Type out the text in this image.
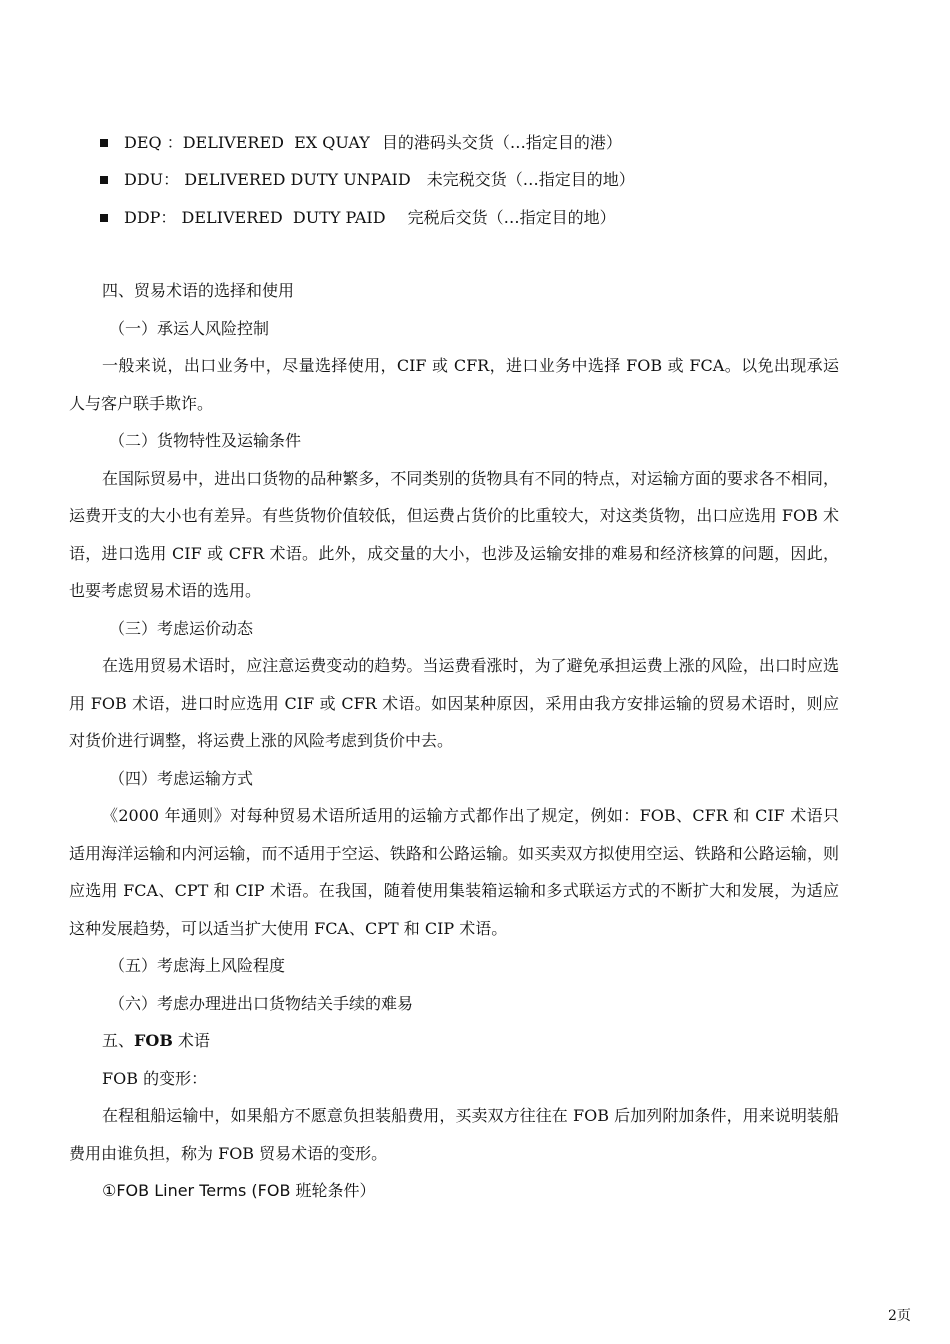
DEQ ：DELIVERED  EX QUAY 目的港码头交货（…指定目的港）
DDU： DELIVERED DUTY UNPAID 未完税交货（…指定目的地）
DDP： DELIVERED  DUTY PAID 完税后交货（…指定目的地）
四、贸易术语的选择和使用
（一）承运人风险控制

一般来说，出口业务中，尽量选择使用，CIF 或 CFR，进口业务中选择 FOB 或 FCA。以免出现承运人与客户联手欺诈。

（二）货物特性及运输条件

在国际贸易中，进出口货物的品种繁多，不同类别的货物具有不同的特点，对运输方面的要求各不相同，运费开支的大小也有差异。有些货物价值较低，但运费占货价的比重较大，对这类货物，出口应选用 FOB 术语，进口选用 CIF 或 CFR 术语。此外，成交量的大小，也涉及运输安排的难易和经济核算的问题，因此，也要考虑贸易术语的选用。

（三）考虑运价动态

在选用贸易术语时，应注意运费变动的趋势。当运费看涨时，为了避免承担运费上涨的风险，出口时应选用 FOB 术语，进口时应选用 CIF 或 CFR 术语。如因某种原因，采用由我方安排运输的贸易术语时，则应对货价进行调整，将运费上涨的风险考虑到货价中去。

（四）考虑运输方式

《2000 年通则》对每种贸易术语所适用的运输方式都作出了规定，例如：FOB、CFR 和 CIF 术语只适用海洋运输和内河运输，而不适用于空运、铁路和公路运输。如买卖双方拟使用空运、铁路和公路运输，则应选用 FCA、CPT 和 CIP 术语。在我国，随着使用集装箱运输和多式联运方式的不断扩大和发展，为适应这种发展趋势，可以适当扩大使用 FCA、CPT 和 CIP 术语。

（五）考虑海上风险程度
（六）考虑办理进出口货物结关手续的难易
五、FOB 术语
FOB 的变形：

在程租船运输中，如果船方不愿意负担装船费用，买卖双方往往在 FOB 后加列附加条件，用来说明装船费用由谁负担，称为 FOB 贸易术语的变形。

①FOB Liner Terms (FOB 班轮条件）
2页
